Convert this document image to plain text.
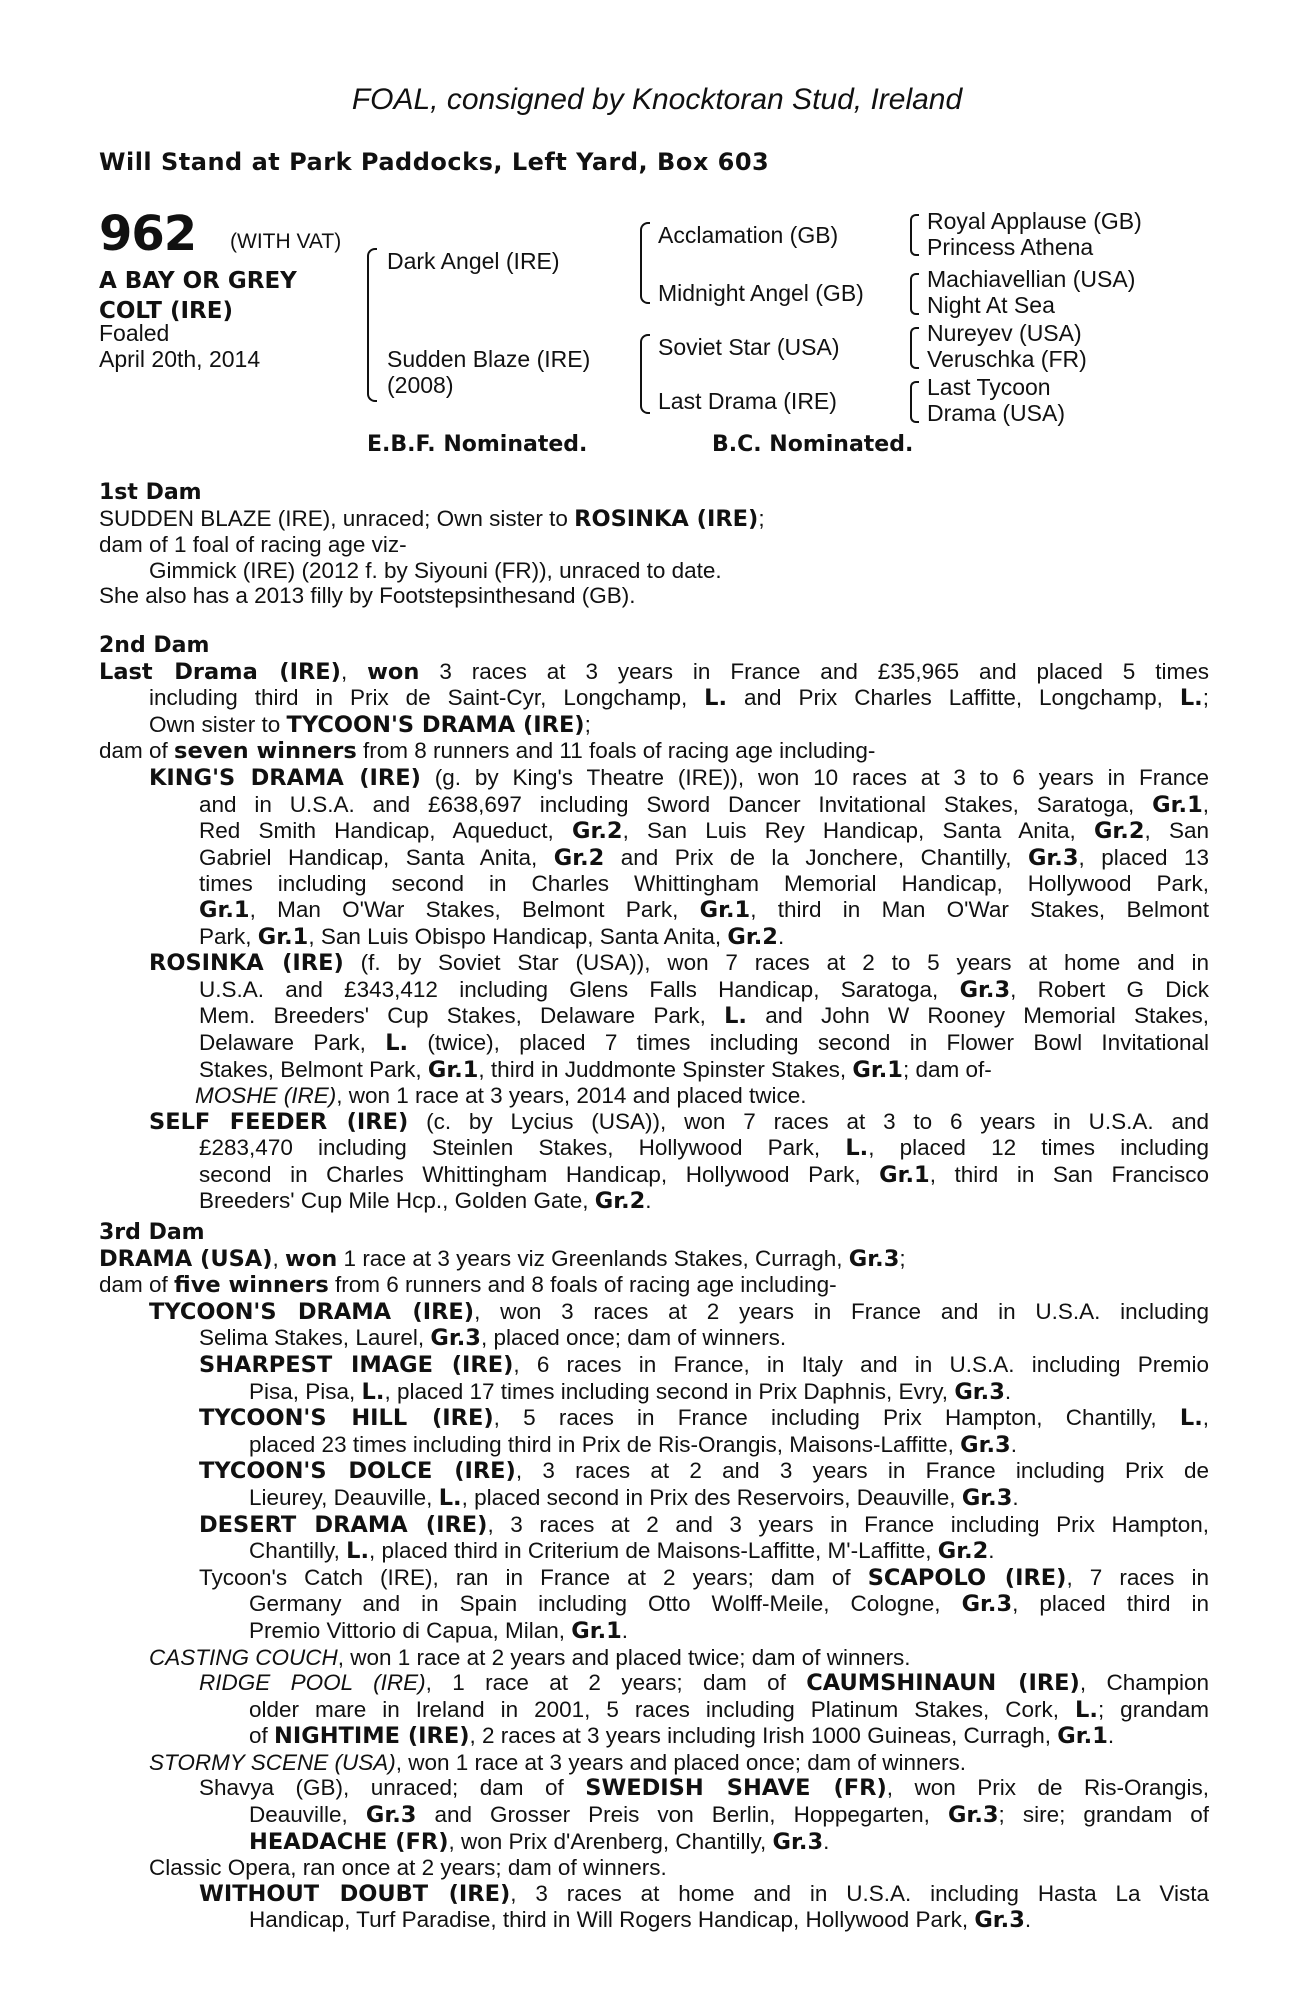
FOAL, consigned by Knocktoran Stud, Ireland
Will Stand at Park Paddocks, Left Yard, Box 603
962 (WITH VAT)
A BAY OR GREY
COLT (IRE)
Foaled
April 20th, 2014
Dark Angel (IRE)
Sudden Blaze (IRE)
(2008)
Acclamation (GB)
Midnight Angel (GB)
Soviet Star (USA)
Last Drama (IRE)
Royal Applause (GB)
Princess Athena
Machiavellian (USA)
Night At Sea
Nureyev (USA)
Veruschka (FR)
Last Tycoon
Drama (USA)
E.B.F. Nominated.	B.C. Nominated.
1st Dam
SUDDEN BLAZE (IRE), unraced; Own sister to ROSINKA (IRE);
dam of 1 foal of racing age viz-
Gimmick (IRE) (2012 f. by Siyouni (FR)), unraced to date.
She also has a 2013 filly by Footstepsinthesand (GB).
2nd Dam
Last Drama (IRE), won 3 races at 3 years in France and £35,965 and placed 5 times
including third in Prix de Saint-Cyr, Longchamp, L. and Prix Charles Laffitte, Longchamp, L.;
Own sister to TYCOON'S DRAMA (IRE);
dam of seven winners from 8 runners and 11 foals of racing age including-
KING'S DRAMA (IRE) (g. by King's Theatre (IRE)), won 10 races at 3 to 6 years in France
and in U.S.A. and £638,697 including Sword Dancer Invitational Stakes, Saratoga, Gr.1,
Red Smith Handicap, Aqueduct, Gr.2, San Luis Rey Handicap, Santa Anita, Gr.2, San
Gabriel Handicap, Santa Anita, Gr.2 and Prix de la Jonchere, Chantilly, Gr.3, placed 13
times including second in Charles Whittingham Memorial Handicap, Hollywood Park,
Gr.1, Man O'War Stakes, Belmont Park, Gr.1, third in Man O'War Stakes, Belmont
Park, Gr.1, San Luis Obispo Handicap, Santa Anita, Gr.2.
ROSINKA (IRE) (f. by Soviet Star (USA)), won 7 races at 2 to 5 years at home and in
U.S.A. and £343,412 including Glens Falls Handicap, Saratoga, Gr.3, Robert G Dick
Mem. Breeders' Cup Stakes, Delaware Park, L. and John W Rooney Memorial Stakes,
Delaware Park, L. (twice), placed 7 times including second in Flower Bowl Invitational
Stakes, Belmont Park, Gr.1, third in Juddmonte Spinster Stakes, Gr.1; dam of-
MOSHE (IRE), won 1 race at 3 years, 2014 and placed twice.
SELF FEEDER (IRE) (c. by Lycius (USA)), won 7 races at 3 to 6 years in U.S.A. and
£283,470 including Steinlen Stakes, Hollywood Park, L., placed 12 times including
second in Charles Whittingham Handicap, Hollywood Park, Gr.1, third in San Francisco
Breeders' Cup Mile Hcp., Golden Gate, Gr.2.
3rd Dam
DRAMA (USA), won 1 race at 3 years viz Greenlands Stakes, Curragh, Gr.3;
dam of five winners from 6 runners and 8 foals of racing age including-
TYCOON'S DRAMA (IRE), won 3 races at 2 years in France and in U.S.A. including
Selima Stakes, Laurel, Gr.3, placed once; dam of winners.
SHARPEST IMAGE (IRE), 6 races in France, in Italy and in U.S.A. including Premio
Pisa, Pisa, L., placed 17 times including second in Prix Daphnis, Evry, Gr.3.
TYCOON'S HILL (IRE), 5 races in France including Prix Hampton, Chantilly, L.,
placed 23 times including third in Prix de Ris-Orangis, Maisons-Laffitte, Gr.3.
TYCOON'S DOLCE (IRE), 3 races at 2 and 3 years in France including Prix de
Lieurey, Deauville, L., placed second in Prix des Reservoirs, Deauville, Gr.3.
DESERT DRAMA (IRE), 3 races at 2 and 3 years in France including Prix Hampton,
Chantilly, L., placed third in Criterium de Maisons-Laffitte, M'-Laffitte, Gr.2.
Tycoon's Catch (IRE), ran in France at 2 years; dam of SCAPOLO (IRE), 7 races in
Germany and in Spain including Otto Wolff-Meile, Cologne, Gr.3, placed third in
Premio Vittorio di Capua, Milan, Gr.1.
CASTING COUCH, won 1 race at 2 years and placed twice; dam of winners.
RIDGE POOL (IRE), 1 race at 2 years; dam of CAUMSHINAUN (IRE), Champion
older mare in Ireland in 2001, 5 races including Platinum Stakes, Cork, L.; grandam
of NIGHTIME (IRE), 2 races at 3 years including Irish 1000 Guineas, Curragh, Gr.1.
STORMY SCENE (USA), won 1 race at 3 years and placed once; dam of winners.
Shavya (GB), unraced; dam of SWEDISH SHAVE (FR), won Prix de Ris-Orangis,
Deauville, Gr.3 and Grosser Preis von Berlin, Hoppegarten, Gr.3; sire; grandam of
HEADACHE (FR), won Prix d'Arenberg, Chantilly, Gr.3.
Classic Opera, ran once at 2 years; dam of winners.
WITHOUT DOUBT (IRE), 3 races at home and in U.S.A. including Hasta La Vista
Handicap, Turf Paradise, third in Will Rogers Handicap, Hollywood Park, Gr.3.
